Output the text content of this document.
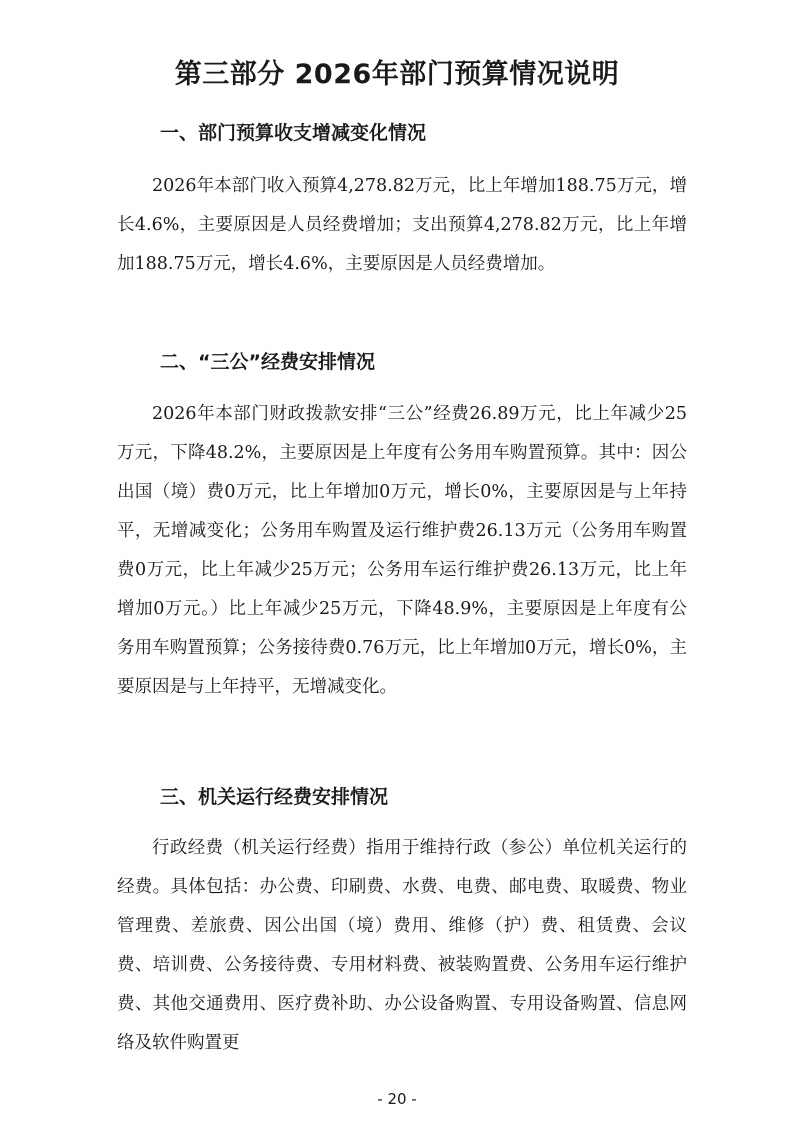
第三部分 2026年部门预算情况说明
一、部门预算收支增减变化情况

2026年本部门收入预算4,278.82万元，比上年增加188.75万元，增长4.6%，主要原因是人员经费增加；支出预算4,278.82万元，比上年增加188.75万元，增长4.6%，主要原因是人员经费增加。

二、“三公”经费安排情况

2026年本部门财政拨款安排“三公”经费26.89万元，比上年减少25万元，下降48.2%，主要原因是上年度有公务用车购置预算。其中：因公出国（境）费0万元，比上年增加0万元，增长0%，主要原因是与上年持平，无增减变化；公务用车购置及运行维护费26.13万元（公务用车购置费0万元，比上年减少25万元；公务用车运行维护费26.13万元，比上年增加0万元。）比上年减少25万元，下降48.9%，主要原因是上年度有公务用车购置预算；公务接待费0.76万元，比上年增加0万元，增长0%，主要原因是与上年持平，无增减变化。

三、机关运行经费安排情况

行政经费（机关运行经费）指用于维持行政（参公）单位机关运行的经费。具体包括：办公费、印刷费、水费、电费、邮电费、取暖费、物业管理费、差旅费、因公出国（境）费用、维修（护）费、租赁费、会议费、培训费、公务接待费、专用材料费、被装购置费、公务用车运行维护费、其他交通费用、医疗费补助、办公设备购置、专用设备购置、信息网络及软件购置更

- 20 -
